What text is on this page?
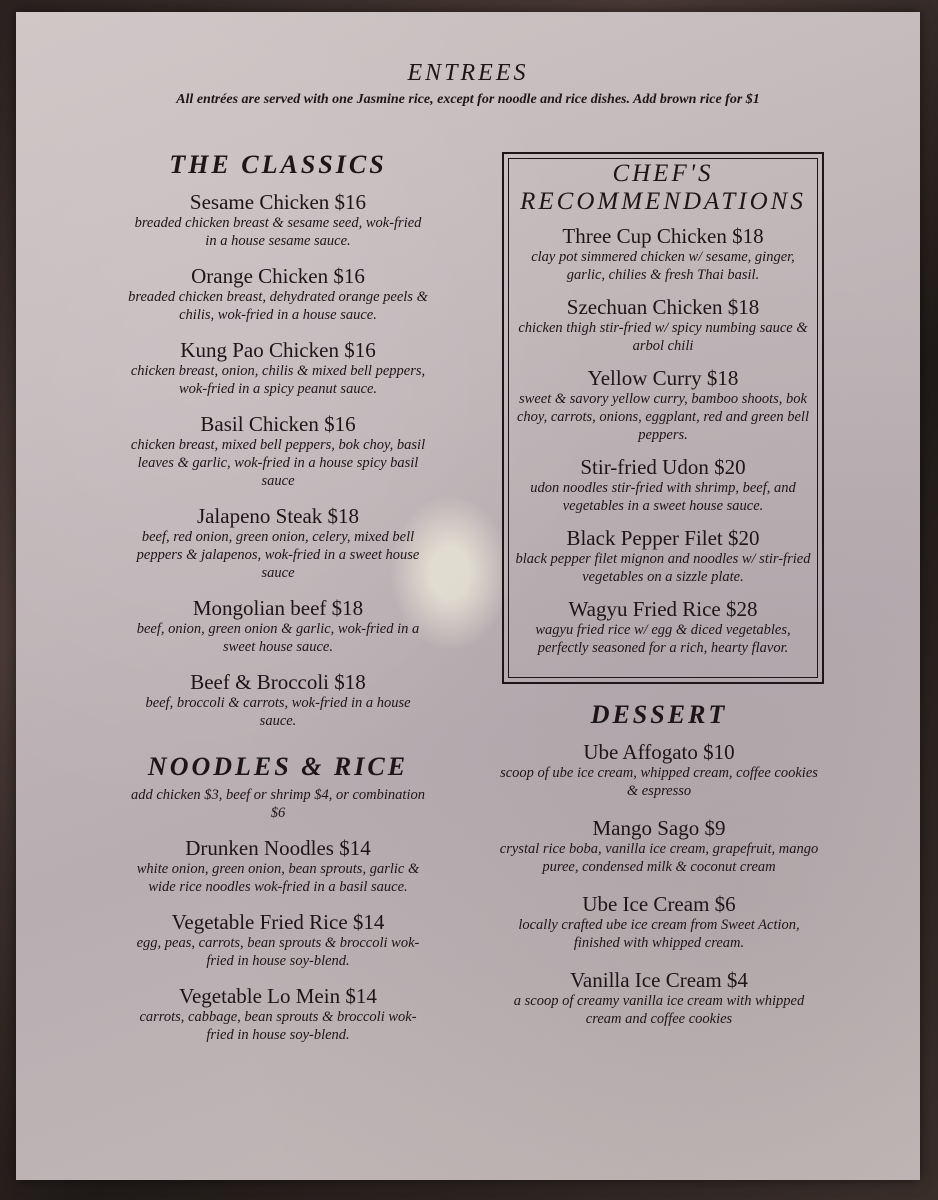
ENTREES
All entrées are served with one Jasmine rice, except for noodle and rice dishes. Add brown rice for $1
THE CLASSICS
Sesame Chicken $16
breaded chicken breast & sesame seed, wok-fried in a house sesame sauce.
Orange Chicken $16
breaded chicken breast, dehydrated orange peels & chilis, wok-fried in a house sauce.
Kung Pao Chicken $16
chicken breast, onion, chilis & mixed bell peppers, wok-fried in a spicy peanut sauce.
Basil Chicken $16
chicken breast, mixed bell peppers, bok choy, basil leaves & garlic, wok-fried in a house spicy basil sauce
Jalapeno Steak $18
beef, red onion, green onion, celery, mixed bell peppers & jalapenos, wok-fried in a sweet house sauce
Mongolian beef $18
beef, onion, green onion & garlic, wok-fried in a sweet house sauce.
Beef & Broccoli $18
beef, broccoli & carrots, wok-fried in a house sauce.
NOODLES & RICE
add chicken $3, beef or shrimp $4, or combination $6
Drunken Noodles $14
white onion, green onion, bean sprouts, garlic & wide rice noodles wok-fried in a basil sauce.
Vegetable Fried Rice $14
egg, peas, carrots, bean sprouts & broccoli wok-fried in house soy-blend.
Vegetable Lo Mein $14
carrots, cabbage, bean sprouts & broccoli wok-fried in house soy-blend.
CHEF'S
RECOMMENDATIONS
Three Cup Chicken $18
clay pot simmered chicken w/ sesame, ginger, garlic, chilies & fresh Thai basil.
Szechuan Chicken $18
chicken thigh stir-fried w/ spicy numbing sauce & arbol chili
Yellow Curry $18
sweet & savory yellow curry, bamboo shoots, bok choy, carrots, onions, eggplant, red and green bell peppers.
Stir-fried Udon $20
udon noodles stir-fried with shrimp, beef, and vegetables in a sweet house sauce.
Black Pepper Filet $20
black pepper filet mignon and noodles w/ stir-fried vegetables on a sizzle plate.
Wagyu Fried Rice $28
wagyu fried rice w/ egg & diced vegetables, perfectly seasoned for a rich, hearty flavor.
DESSERT
Ube Affogato $10
scoop of ube ice cream, whipped cream, coffee cookies & espresso
Mango Sago $9
crystal rice boba, vanilla ice cream, grapefruit, mango puree, condensed milk & coconut cream
Ube Ice Cream $6
locally crafted ube ice cream from Sweet Action, finished with whipped cream.
Vanilla Ice Cream $4
a scoop of creamy vanilla ice cream with whipped cream and coffee cookies
